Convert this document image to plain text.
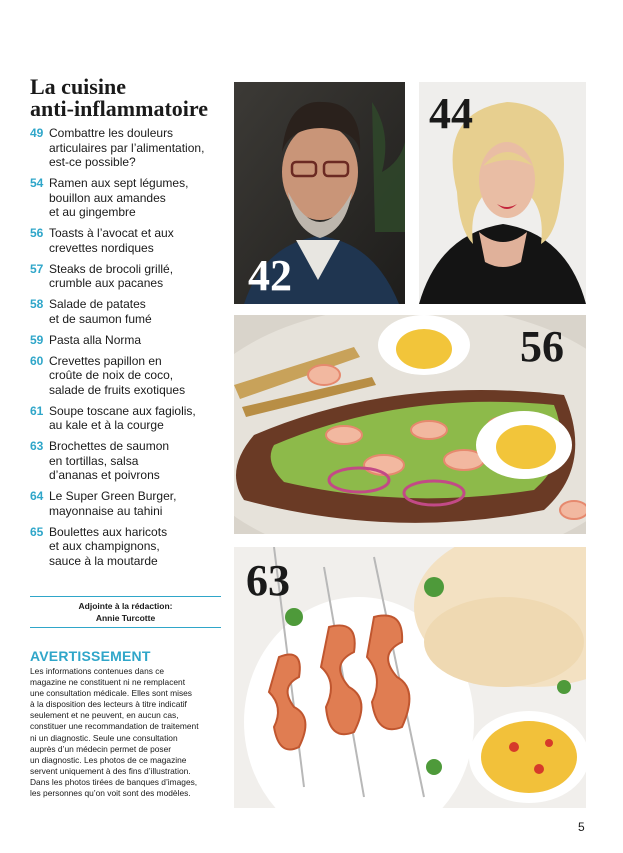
La cuisine
anti-inflammatoire
49 Combattre les douleurs
articulaires par l’alimentation,
est-ce possible?
54 Ramen aux sept légumes,
bouillon aux amandes
et au gingembre
56 Toasts à l’avocat et aux
crevettes nordiques
57 Steaks de brocoli grillé,
crumble aux pacanes
58 Salade de patates
et de saumon fumé
59 Pasta alla Norma
60 Crevettes papillon en
croûte de noix de coco,
salade de fruits exotiques
61 Soupe toscane aux fagiolis,
au kale et à la courge
63 Brochettes de saumon
en tortillas, salsa
d’ananas et poivrons
64 Le Super Green Burger,
mayonnaise au tahini
65 Boulettes aux haricots
et aux champignons,
sauce à la moutarde
Adjointe à la rédaction:
Annie Turcotte
AVERTISSEMENT

Les informations contenues dans ce
magazine ne constituent ni ne remplacent
une consultation médicale. Elles sont mises
à la disposition des lecteurs à titre indicatif
seulement et ne peuvent, en aucun cas,
constituer une recommandation de traitement
ni un diagnostic. Seule une consultation
auprès d’un médecin permet de poser
un diagnostic. Les photos de ce magazine
servent uniquement à des fins d’illustration.
Dans les photos tirées de banques d’images,
les personnes qu’on voit sont des modèles.

42
44
56
63
5
